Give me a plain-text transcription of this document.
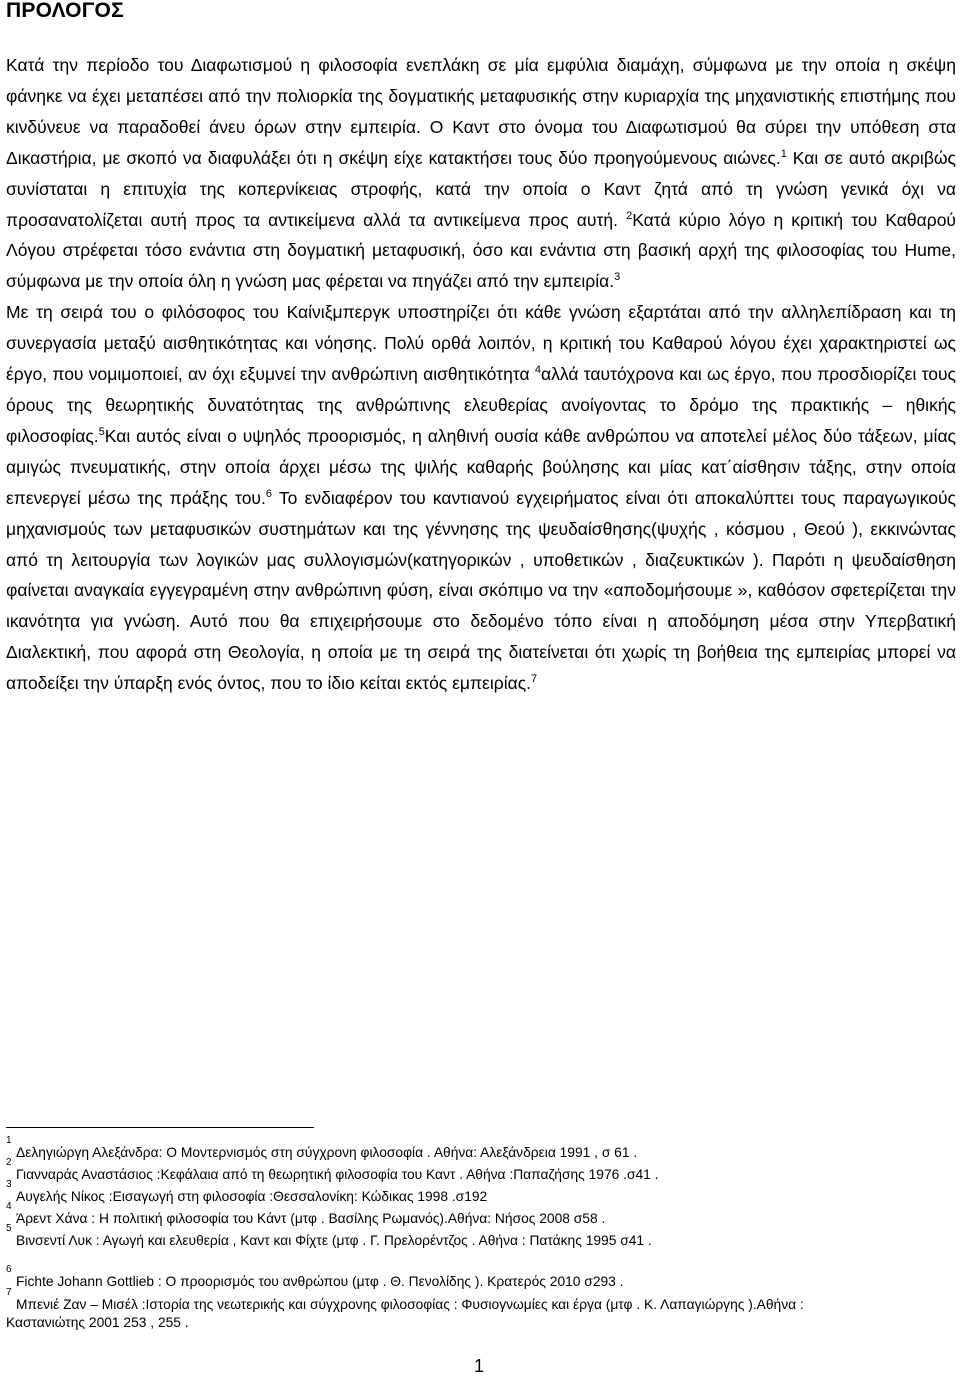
ΠΡΟΛΟΓΟΣ

Κατά την περίοδο του Διαφωτισμού η φιλοσοφία ενεπλάκη σε μία εμφύλια διαμάχη, σύμφωνα με την οποία η σκέψη φάνηκε να έχει μεταπέσει από την πολιορκία της δογματικής μεταφυσικής στην κυριαρχία της μηχανιστικής επιστήμης που κινδύνευε να παραδοθεί άνευ όρων στην εμπειρία. Ο Καντ στο όνομα του Διαφωτισμού θα σύρει την υπόθεση στα Δικαστήρια, με σκοπό να διαφυλάξει ότι η σκέψη είχε κατακτήσει τους δύο προηγούμενους αιώνες.$^1$ Και σε αυτό ακριβώς συνίσταται η επιτυχία της κοπερνίκειας στροφής, κατά την οποία ο Καντ ζητά από τη γνώση γενικά όχι να προσανατολίζεται αυτή προς τα αντικείμενα αλλά τα αντικείμενα προς αυτή. $^2$Κατά κύριο λόγο η κριτική του Καθαρού Λόγου στρέφεται τόσο ενάντια στη δογματική μεταφυσική, όσο και ενάντια στη βασική αρχή της φιλοσοφίας του Hume, σύμφωνα με την οποία όλη η γνώση μας φέρεται να πηγάζει από την εμπειρία.$^3$

Με τη σειρά του ο φιλόσοφος του Καίνιξμπεργκ υποστηρίζει ότι κάθε γνώση εξαρτάται από την αλληλεπίδραση και τη συνεργασία μεταξύ αισθητικότητας και νόησης. Πολύ ορθά λοιπόν, η κριτική του Καθαρού λόγου έχει χαρακτηριστεί ως έργο, που νομιμοποιεί, αν όχι εξυμνεί την ανθρώπινη αισθητικότητα $^4$αλλά ταυτόχρονα και ως έργο, που προσδιορίζει τους όρους της θεωρητικής δυνατότητας της ανθρώπινης ελευθερίας ανοίγοντας το δρόμο της πρακτικής – ηθικής φιλοσοφίας.$^5$Και αυτός είναι ο υψηλός προορισμός, η αληθινή ουσία κάθε ανθρώπου να αποτελεί μέλος δύο τάξεων, μίας αμιγώς πνευματικής, στην οποία άρχει μέσω της ψιλής καθαρής βούλησης και μίας κατ΄αίσθησιν τάξης, στην οποία επενεργεί μέσω της πράξης του.$^6$ Το ενδιαφέρον του καντιανού εγχειρήματος είναι ότι αποκαλύπτει τους παραγωγικούς μηχανισμούς των μεταφυσικών συστημάτων και της γέννησης της ψευδαίσθησης(ψυχής , κόσμου , Θεού ), εκκινώντας από τη λειτουργία των λογικών μας συλλογισμών(κατηγορικών , υποθετικών , διαζευκτικών ). Παρότι η ψευδαίσθηση φαίνεται αναγκαία εγγεγραμένη στην ανθρώπινη φύση, είναι σκόπιμο να την «αποδομήσουμε », καθόσον σφετερίζεται την ικανότητα για γνώση. Αυτό που θα επιχειρήσουμε στο δεδομένο τόπο είναι η αποδόμηση μέσα στην Υπερβατική Διαλεκτική, που αφορά στη Θεολογία, η οποία με τη σειρά της διατείνεται ότι χωρίς τη βοήθεια της εμπειρίας μπορεί να αποδείξει την ύπαρξη ενός όντος, που το ίδιο κείται εκτός εμπειρίας.$^7$

1
Δεληγιώργη Αλεξάνδρα: Ο Μοντερνισμός στη σύγχρονη φιλοσοφία . Αθήνα: Αλεξάνδρεια 1991 , σ 61 .
2
Γιανναράς Αναστάσιος :Κεφάλαια από τη θεωρητική φιλοσοφία του Καντ . Αθήνα :Παπαζήσης 1976 .σ41 .
3
Αυγελής Νίκος :Εισαγωγή στη φιλοσοφία :Θεσσαλονίκη: Κώδικας 1998 .σ192
4
Άρεντ Χάνα : Η πολιτική φιλοσοφία του Κάντ (μτφ . Βασίλης Ρωμανός).Αθήνα: Νήσος 2008 σ58 .
5
Βινσεντί Λυκ : Αγωγή και ελευθερία , Καντ και Φίχτε (μτφ . Γ. Πρελορέντζος . Αθήνα : Πατάκης 1995 σ41 .
6
Fichte Johann Gottlieb : Ο προορισμός του ανθρώπου (μτφ . Θ. Πενολίδης ). Κρατερός 2010 σ293 .
7
Μπενιέ Ζαν – Μισέλ :Ιστορία της νεωτερικής και σύγχρονης φιλοσοφίας : Φυσιογνωμίες και έργα (μτφ . Κ. Λαπαγιώργης ).Αθήνα :
Καστανιώτης 2001 253 , 255 .
1
